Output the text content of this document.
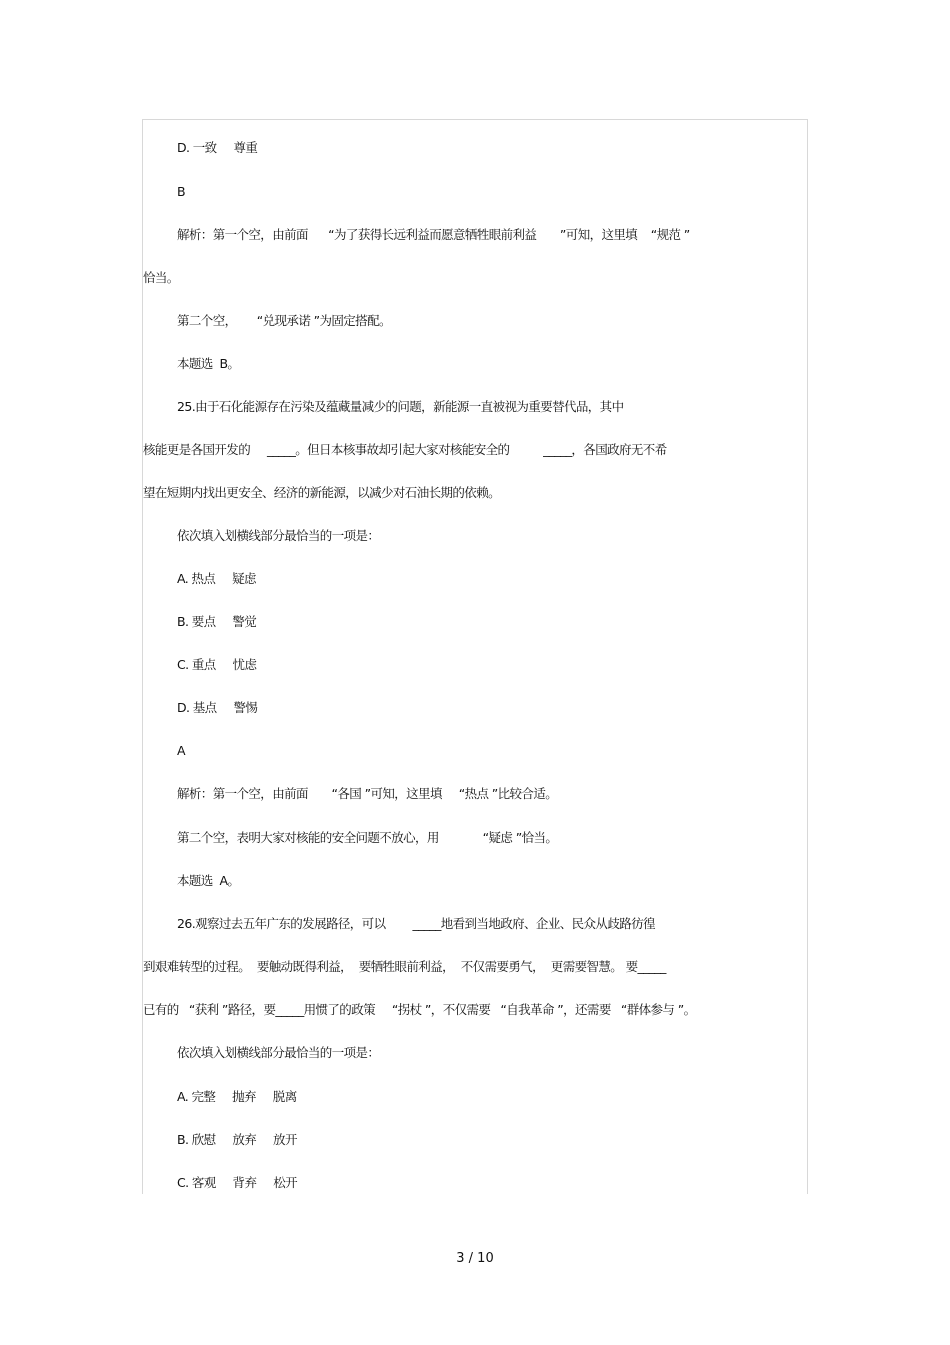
D. 一致     尊重
B
解析：第一个空，由前面      “为了获得长远利益而愿意牺牲眼前利益       ”可知，这里填    “规范 ”
恰当。
第二个空，      “兑现承诺 ”为固定搭配。
本题选  B。
25.由于石化能源存在污染及蕴藏量减少的问题，新能源一直被视为重要替代品，其中
核能更是各国开发的     _____。但日本核事故却引起大家对核能安全的          _____，各国政府无不希
望在短期内找出更安全、经济的新能源，以减少对石油长期的依赖。
依次填入划横线部分最恰当的一项是：
A. 热点     疑虑
B. 要点     警觉
C. 重点     忧虑
D. 基点     警惕
A
解析：第一个空，由前面       “各国 ”可知，这里填     “热点 ”比较合适。
第二个空，表明大家对核能的安全问题不放心，用             “疑虑 ”恰当。
本题选  A。
26.观察过去五年广东的发展路径，可以        _____地看到当地政府、企业、民众从歧路彷徨
到艰难转型的过程。  要触动既得利益，  要牺牲眼前利益，  不仅需要勇气，  更需要智慧。 要_____
已有的   “获利 ”路径，要_____用惯了的政策     “拐杖 ”，不仅需要   “自我革命 ”，还需要   “群体参与 ”。
依次填入划横线部分最恰当的一项是：
A. 完整     抛弃     脱离
B. 欣慰     放弃     放开
C. 客观     背弃     松开
3 / 10
